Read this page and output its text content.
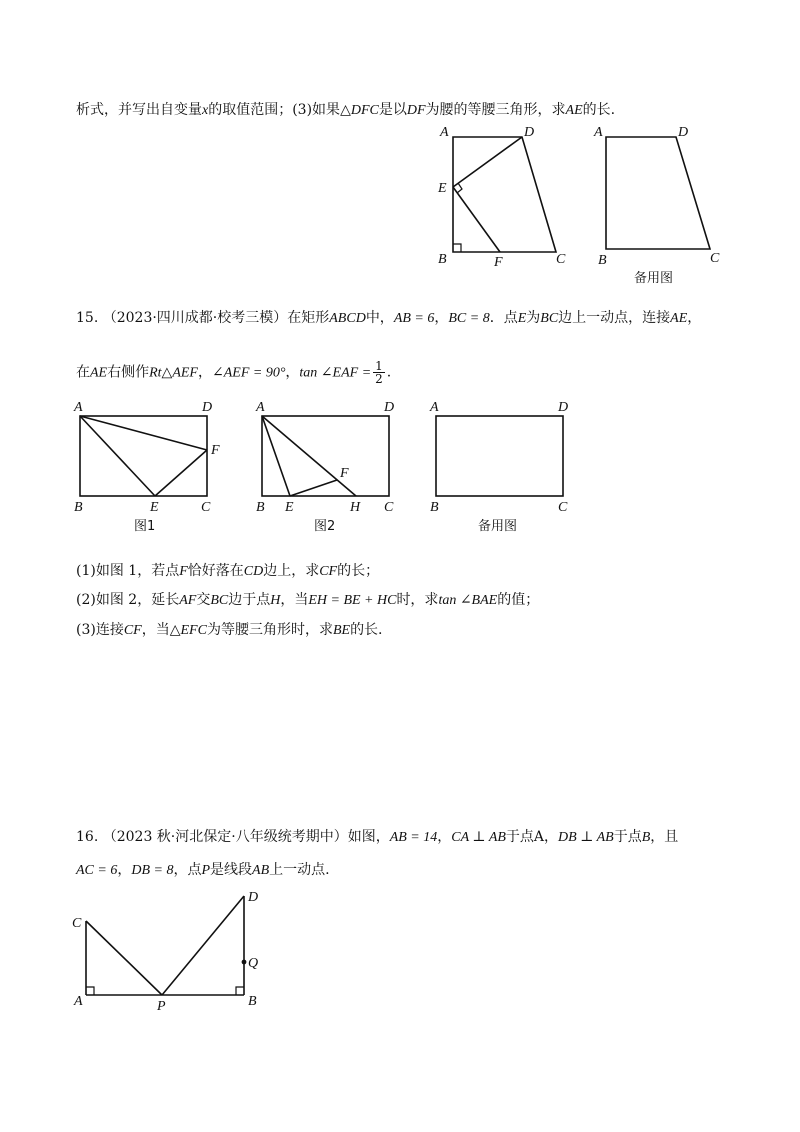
析式，并写出自变量x的取值范围；(3)如果△DFC是以DF为腰的等腰三角形，求AE的长.
15. （2023·四川成都·校考三模）在矩形ABCD中，AB = 6，BC = 8．点E为BC边上一动点，连接AE，
在AE右侧作Rt△AEF，∠AEF = 90°，tan ∠EAF = $\frac{1}{2}$ .
(1)如图 1，若点F恰好落在CD边上，求CF的长；
(2)如图 2，延长AF交BC边于点H，当EH = BE + HC时，求tan ∠BAE的值；
(3)连接CF，当△EFC为等腰三角形时，求BE的长.
16. （2023 秋·河北保定·八年级统考期中）如图，AB = 14，CA ⊥ AB于点A，DB ⊥ AB于点B，且
AC = 6，DB = 8，点P是线段AB上一动点.
A	D
E
B	F	C
A	D
B	C
备用图
A	D
F
B	E	C
图1
A	D
F
B E	H C
图2
A	D
B	C
备用图
C
D
Q
A	P	B
